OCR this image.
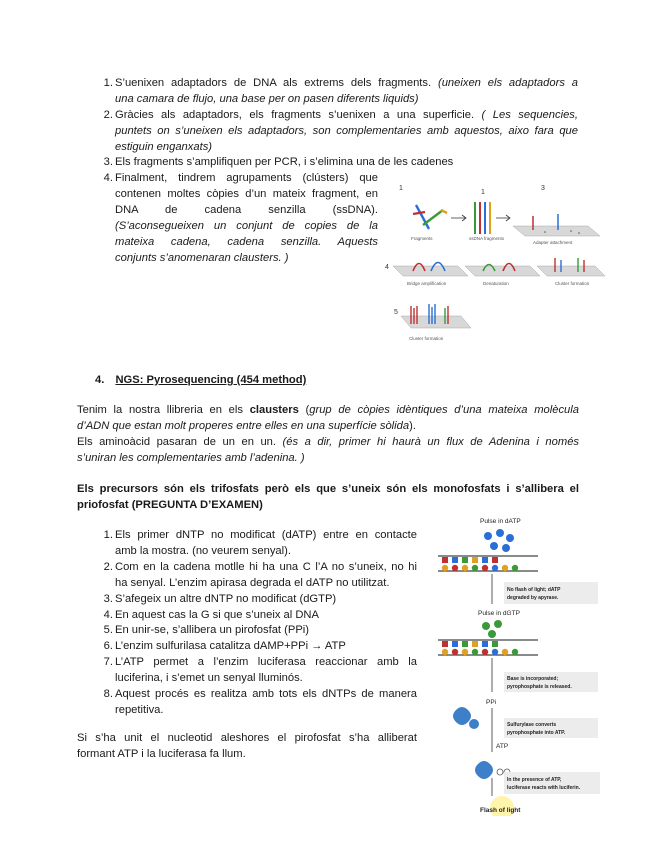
1. S’uenixen adaptadors de DNA als extrems dels fragments. (uneixen els adaptadors a
una camara de flujo, una base per on pasen diferents liquids)
2. Gràcies als adaptadors, els fragments s’uenixen a una superficie. ( Les sequencies,
puntets on s’uneixen els adaptadors, son complementaries amb aquestos, aixo fara que
estiguin enganxats)
3. Els fragments s’amplifiquen per PCR, i s’elimina una de les cadenes
4. Finalment, tindrem agrupaments (clústers) que
contenen moltes còpies d’un mateix fragment, en
DNA de cadena senzilla (ssDNA).
(S’aconsegueixen un conjunt de copies de la
mateixa cadena, cadena senzilla. Aquests
conjunts s’anomenaran clausters. )
1
1
3
4
5
Fragments	ssDNA fragments
Adapter attachment
Bridge amplification	Denaturation	Cluster formation
Cluster formation
4. NGS: Pyrosequencing (454 method)
Tenim la nostra llibreria en els clausters (grup de còpies idèntiques d’una mateixa molècula
d’ADN que estan molt properes entre elles en una superfície sòlida).
Els aminoàcid pasaran de un en un. (és a dir, primer hi haurà un flux de Adenina i només
s’uniran les complementaries amb l’adenina. )
Els precursors són els trifosfats però els que s’uneix són els monofosfats i s’allibera el
priofosfat (PREGUNTA D’EXAMEN)
1. Els primer dNTP no modificat (dATP) entre en contacte
amb la mostra. (no veurem senyal).
2. Com en la cadena motlle hi ha una C l’A no s’uneix, no hi
ha senyal. L’enzim apirasa degrada el dATP no utilitzat.
3. S’afegeix un altre dNTP no modificat (dGTP)
4. En aquest cas la G si que s’uneix al DNA
5. En unir-se, s’allibera un pirofosfat (PPi)
6. L’enzim sulfurilasa catalitza dAMP+PPi → ATP
7. L’ATP permet a l’enzim luciferasa reaccionar amb la
luciferina, i s’emet un senyal lluminós.
8. Aquest procés es realitza amb tots els dNTPs de manera
repetitiva.
Si s’ha unit el nucleotid aleshores el pirofosfat s’ha alliberat
formant ATP i la luciferasa fa llum.
Pulse in dATP
No flash of light; dATP
degraded by apyrase.
Pulse in dGTP
Base is incorporated;
pyrophosphate is released.
PPi
Sulfurylase converts
pyrophosphate into ATP.
ATP
In the presence of ATP,
luciferase reacts with luciferin.
Flash of light
